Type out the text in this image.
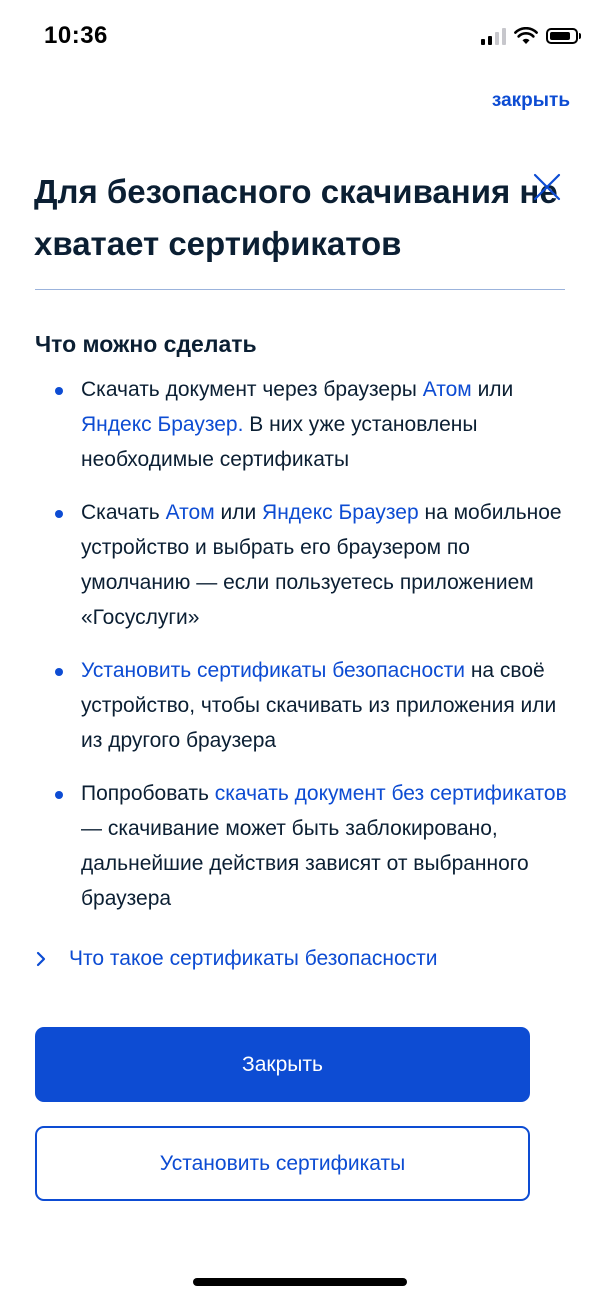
10:36
закрыть
Для безопасного скачивания не хватает сертификатов
Что можно сделать
Скачать документ через браузеры Атом или Яндекс Браузер. В них уже установлены необходимые сертификаты
Скачать Атом или Яндекс Браузер на мобильное устройство и выбрать его браузером по умолчанию — если пользуетесь приложением «Госуслуги»
Установить сертификаты безопасности на своё устройство, чтобы скачивать из приложения или из другого браузера
Попробовать скачать документ без сертификатов — скачивание может быть заблокировано, дальнейшие действия зависят от выбранного браузера
Что такое сертификаты безопасности
Закрыть
Установить сертификаты
